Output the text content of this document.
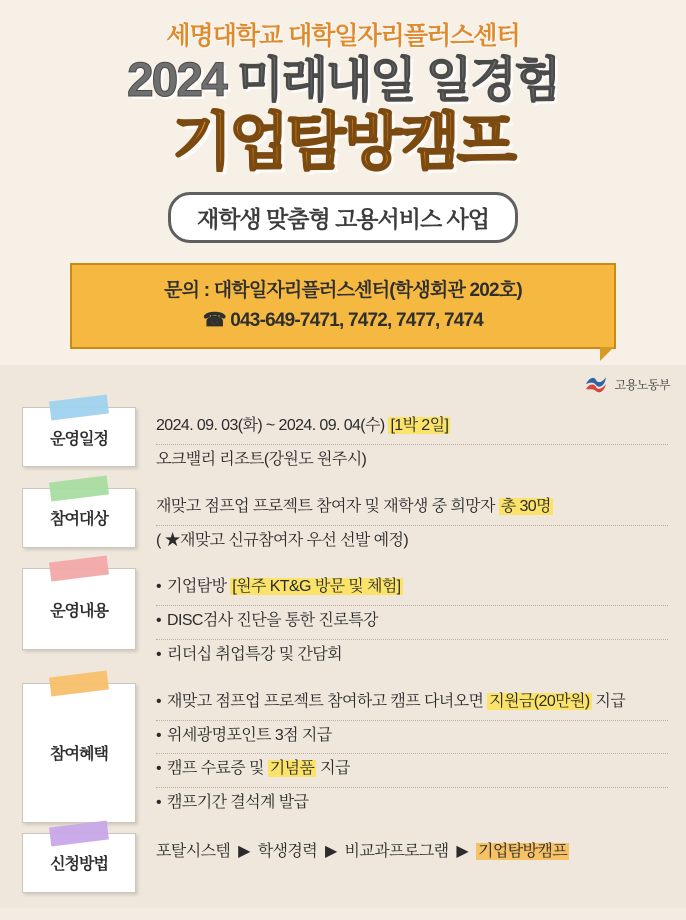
세명대학교 대학일자리플러스센터
2024 미래내일 일경험
기업탐방캠프
재학생 맞춤형 고용서비스 사업
문의 : 대학일자리플러스센터(학생회관 202호)
☎ 043-649-7471, 7472, 7477, 7474
고용노동부
운영일정
2024. 09. 03(화) ~ 2024. 09. 04(수) [1박 2일]
오크밸리 리조트(강원도 원주시)
참여대상
재맞고 점프업 프로젝트 참여자 및 재학생 중 희망자 총 30명
( ★재맞고 신규참여자 우선 선발 예정)
운영내용
• 기업탐방 [원주 KT&G 방문 및 체험]
• DISC검사 진단을 통한 진로특강
• 리더십 취업특강 및 간담회
참여혜택
• 재맞고 점프업 프로젝트 참여하고 캠프 다녀오면 지원금(20만원) 지급
• 위세광명포인트 3점 지급
• 캠프 수료증 및 기념품 지급
• 캠프기간 결석계 발급
신청방법
포탈시스템 ▶ 학생경력 ▶ 비교과프로그램 ▶ 기업탐방캠프
